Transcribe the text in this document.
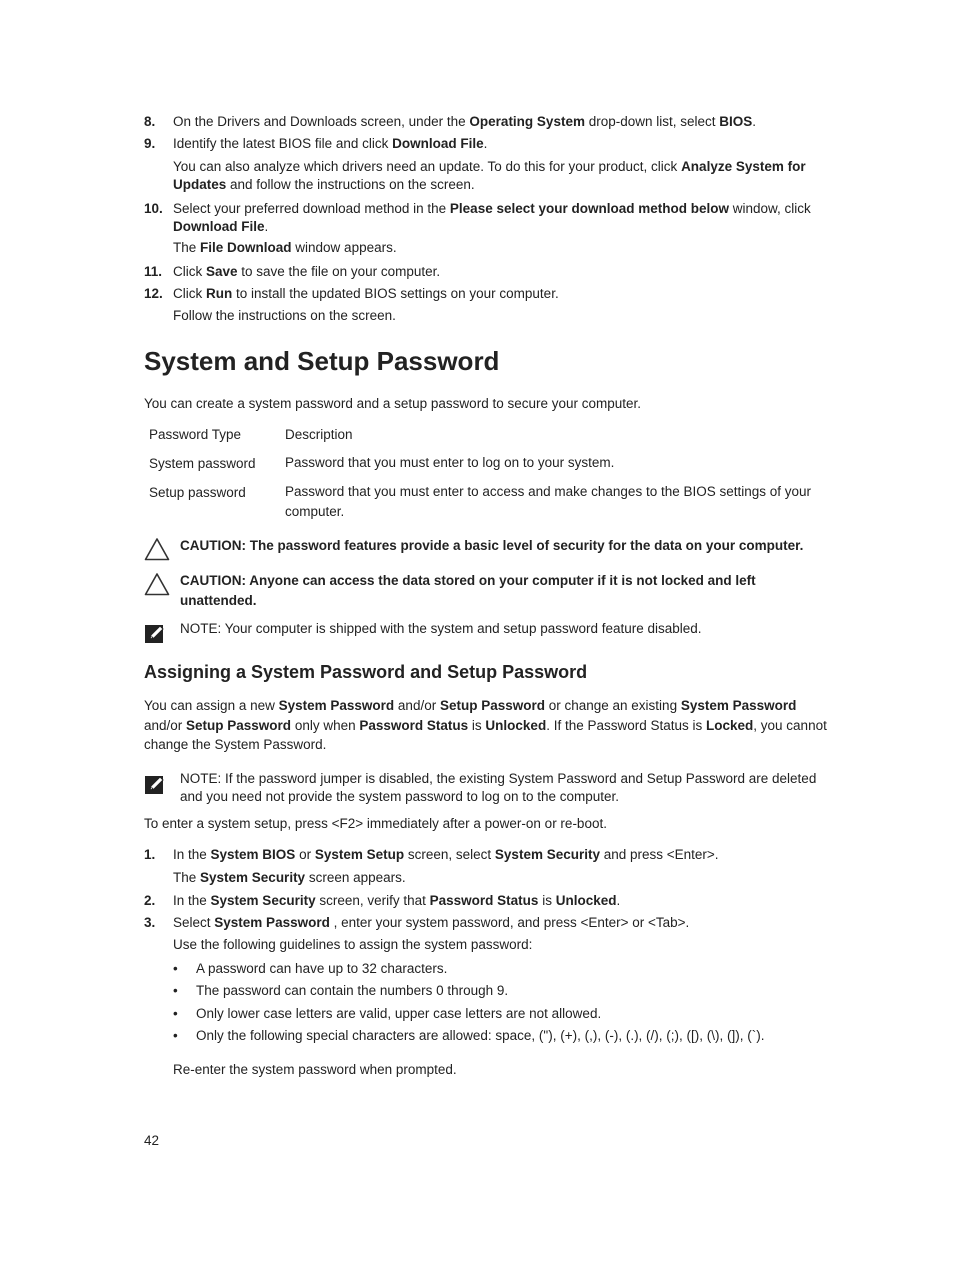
8. On the Drivers and Downloads screen, under the Operating System drop-down list, select BIOS.
9. Identify the latest BIOS file and click Download File.
You can also analyze which drivers need an update. To do this for your product, click Analyze System for Updates and follow the instructions on the screen.
10. Select your preferred download method in the Please select your download method below window, click Download File.
The File Download window appears.
11. Click Save to save the file on your computer.
12. Click Run to install the updated BIOS settings on your computer.
Follow the instructions on the screen.
System and Setup Password
You can create a system password and a setup password to secure your computer.
Password Type	Description
System password Password that you must enter to log on to your system.
Setup password	Password that you must enter to access and make changes to the BIOS settings of your computer.
CAUTION: The password features provide a basic level of security for the data on your computer.
CAUTION: Anyone can access the data stored on your computer if it is not locked and left unattended.
NOTE: Your computer is shipped with the system and setup password feature disabled.
Assigning a System Password and Setup Password
You can assign a new System Password and/or Setup Password or change an existing System Password and/or Setup Password only when Password Status is Unlocked. If the Password Status is Locked, you cannot change the System Password.
NOTE: If the password jumper is disabled, the existing System Password and Setup Password are deleted and you need not provide the system password to log on to the computer.
To enter a system setup, press <F2> immediately after a power-on or re-boot.
1. In the System BIOS or System Setup screen, select System Security and press <Enter>.
The System Security screen appears.
2. In the System Security screen, verify that Password Status is Unlocked.
3. Select System Password , enter your system password, and press <Enter> or <Tab>.
Use the following guidelines to assign the system password:
• A password can have up to 32 characters.
• The password can contain the numbers 0 through 9.
• Only lower case letters are valid, upper case letters are not allowed.
• Only the following special characters are allowed: space, ("), (+), (,), (-), (.), (/), (;), ([), (\), (]), (`).
Re-enter the system password when prompted.
42
